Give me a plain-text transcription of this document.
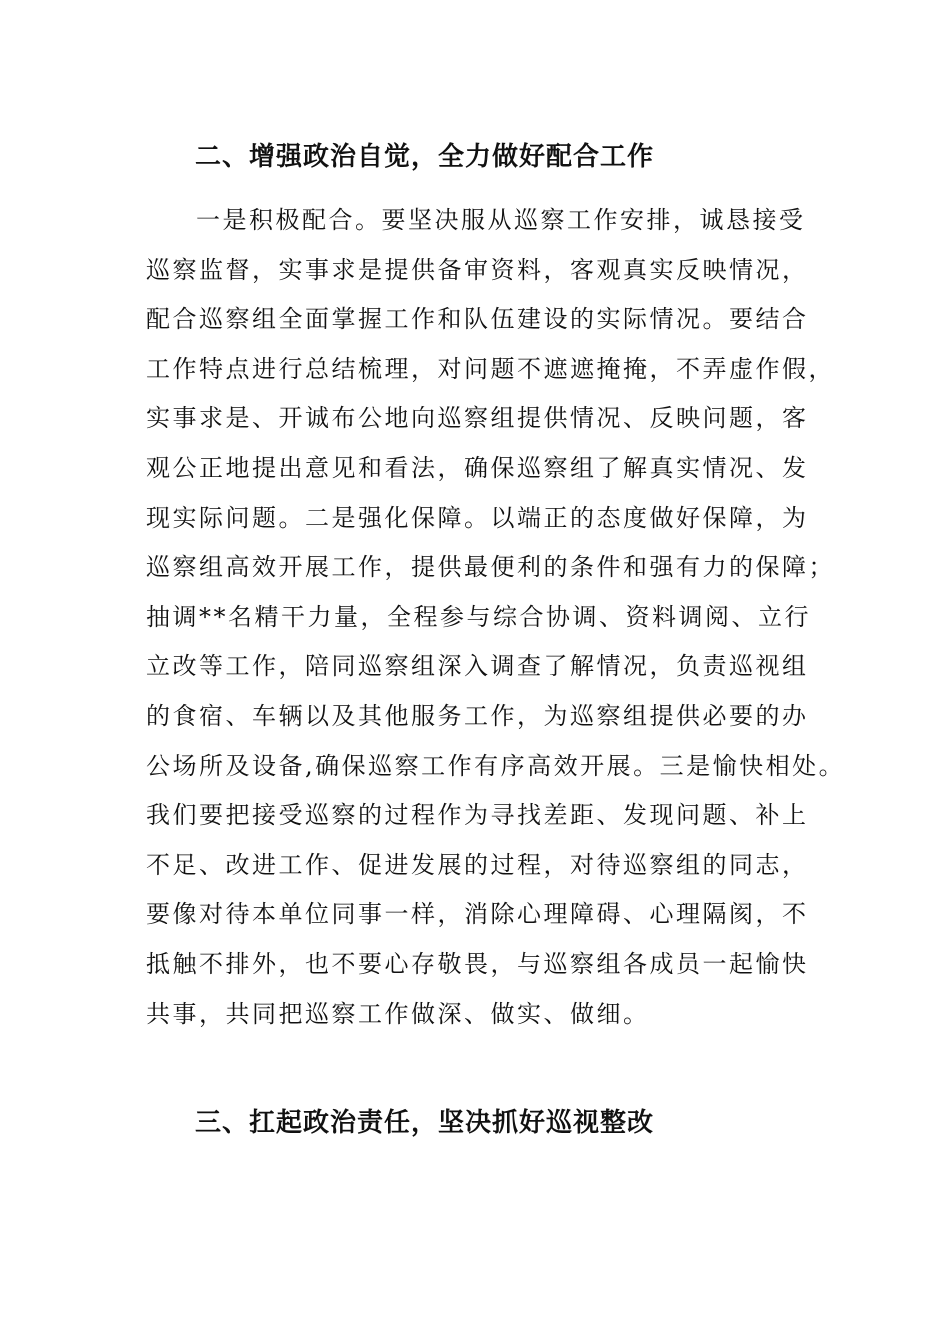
二、增强政治自觉，全力做好配合工作
一是积极配合。要坚决服从巡察工作安排，诚恳接受
巡察监督，实事求是提供备审资料，客观真实反映情况，
配合巡察组全面掌握工作和队伍建设的实际情况。要结合
工作特点进行总结梳理，对问题不遮遮掩掩，不弄虚作假，
实事求是、开诚布公地向巡察组提供情况、反映问题，客
观公正地提出意见和看法，确保巡察组了解真实情况、发
现实际问题。二是强化保障。以端正的态度做好保障，为
巡察组高效开展工作，提供最便利的条件和强有力的保障；
抽调**名精干力量，全程参与综合协调、资料调阅、立行
立改等工作，陪同巡察组深入调查了解情况，负责巡视组
的食宿、车辆以及其他服务工作，为巡察组提供必要的办
公场所及设备,确保巡察工作有序高效开展。三是愉快相处。
我们要把接受巡察的过程作为寻找差距、发现问题、补上
不足、改进工作、促进发展的过程，对待巡察组的同志，
要像对待本单位同事一样，消除心理障碍、心理隔阂，不
抵触不排外，也不要心存敬畏，与巡察组各成员一起愉快
共事，共同把巡察工作做深、做实、做细。
三、扛起政治责任，坚决抓好巡视整改
